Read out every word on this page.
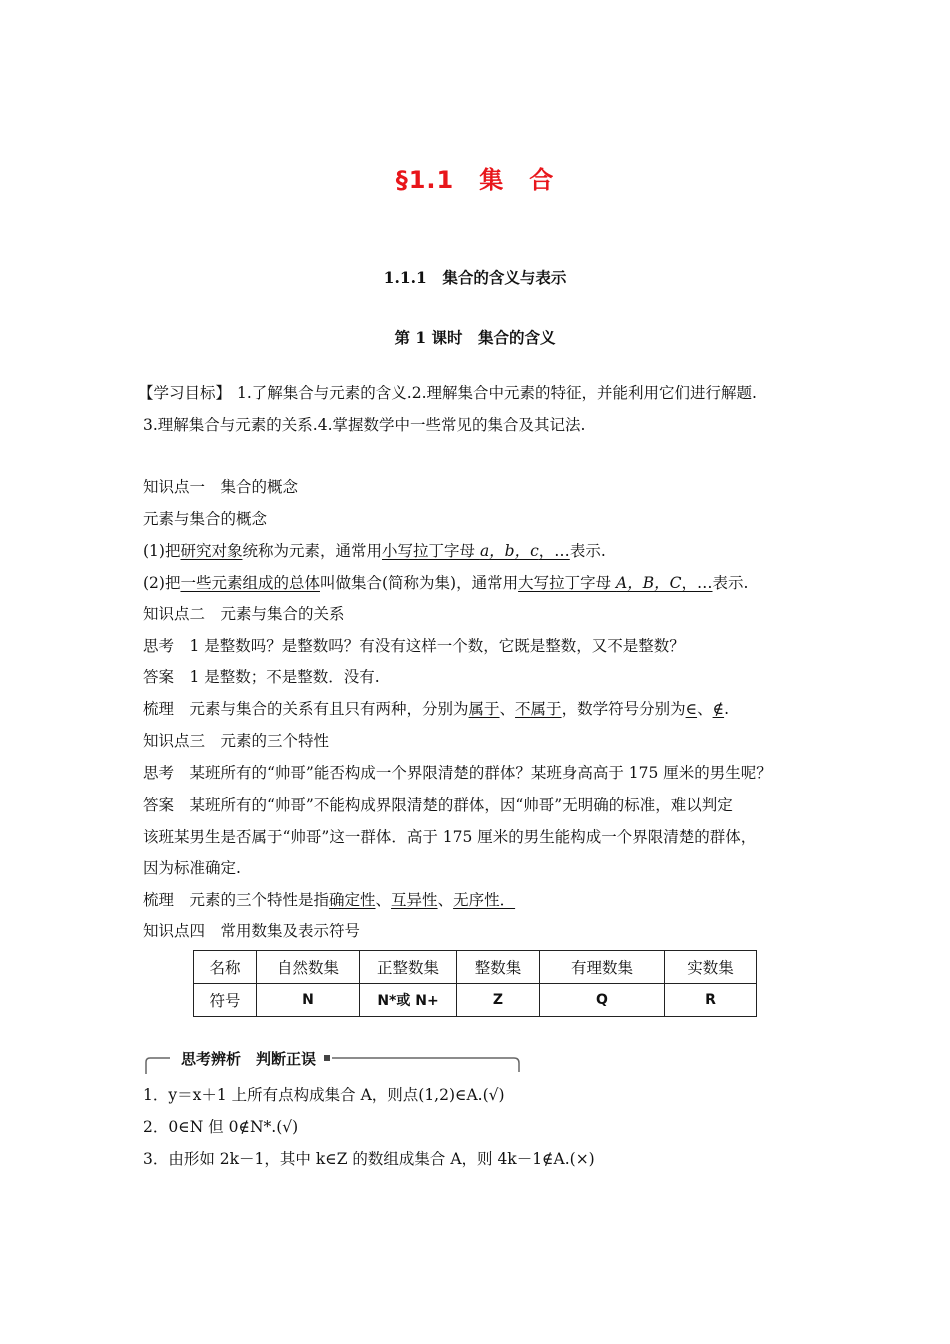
§1.1　集　合
1.1.1　集合的含义与表示
第 1 课时　集合的含义
【学习目标】 1.了解集合与元素的含义.2.理解集合中元素的特征，并能利用它们进行解题.
3.理解集合与元素的关系.4.掌握数学中一些常见的集合及其记法.
知识点一　集合的概念
元素与集合的概念
(1)把研究对象统称为元素，通常用小写拉丁字母 a，b，c，…表示.
(2)把一些元素组成的总体叫做集合(简称为集)，通常用大写拉丁字母 A，B，C，…表示.
知识点二　元素与集合的关系
思考　1 是整数吗？是整数吗？有没有这样一个数，它既是整数，又不是整数？
答案　1 是整数；不是整数．没有.
梳理　元素与集合的关系有且只有两种，分别为属于、不属于，数学符号分别为∈、∉.
知识点三　元素的三个特性
思考　某班所有的“帅哥”能否构成一个界限清楚的群体？某班身高高于 175 厘米的男生呢？
答案　某班所有的“帅哥”不能构成界限清楚的群体，因“帅哥”无明确的标准，难以判定
该班某男生是否属于“帅哥”这一群体．高于 175 厘米的男生能构成一个界限清楚的群体，
因为标准确定.
梳理　元素的三个特性是指确定性、互异性、无序性．
知识点四　常用数集及表示符号
名称	自然数集	正整数集	整数集	有理数集	实数集
符号	N	N*或 N+	Z	Q	R
思考辨析　判断正误
1．y＝x＋1 上所有点构成集合 A，则点(1,2)∈A.(√)
2．0∈N 但 0∉N*.(√)
3．由形如 2k－1，其中 k∈Z 的数组成集合 A，则 4k－1∉A.(×)
